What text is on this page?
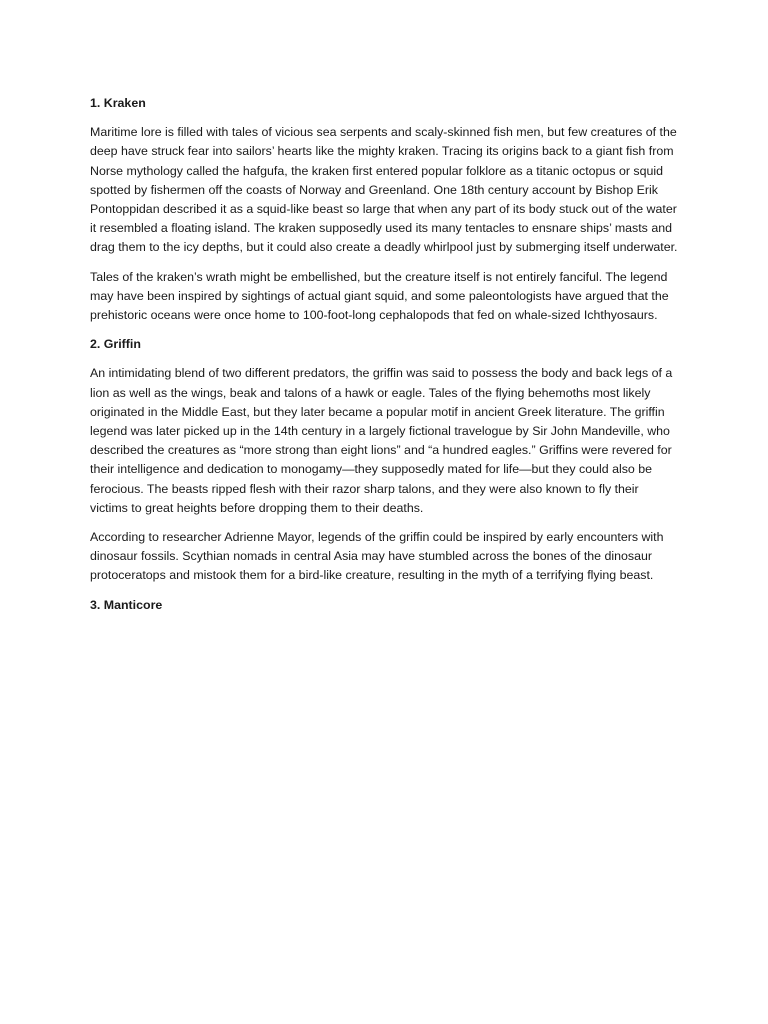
1. Kraken

Maritime lore is filled with tales of vicious sea serpents and scaly-skinned fish men, but few creatures of the deep have struck fear into sailors’ hearts like the mighty kraken. Tracing its origins back to a giant fish from Norse mythology called the hafgufa, the kraken first entered popular folklore as a titanic octopus or squid spotted by fishermen off the coasts of Norway and Greenland. One 18th century account by Bishop Erik Pontoppidan described it as a squid-like beast so large that when any part of its body stuck out of the water it resembled a floating island. The kraken supposedly used its many tentacles to ensnare ships’ masts and drag them to the icy depths, but it could also create a deadly whirlpool just by submerging itself underwater.

Tales of the kraken’s wrath might be embellished, but the creature itself is not entirely fanciful. The legend may have been inspired by sightings of actual giant squid, and some paleontologists have argued that the prehistoric oceans were once home to 100-foot-long cephalopods that fed on whale-sized Ichthyosaurs.

2. Griffin

An intimidating blend of two different predators, the griffin was said to possess the body and back legs of a lion as well as the wings, beak and talons of a hawk or eagle. Tales of the flying behemoths most likely originated in the Middle East, but they later became a popular motif in ancient Greek literature. The griffin legend was later picked up in the 14th century in a largely fictional travelogue by Sir John Mandeville, who described the creatures as “more strong than eight lions” and “a hundred eagles.” Griffins were revered for their intelligence and dedication to monogamy—they supposedly mated for life—but they could also be ferocious. The beasts ripped flesh with their razor sharp talons, and they were also known to fly their victims to great heights before dropping them to their deaths.

According to researcher Adrienne Mayor, legends of the griffin could be inspired by early encounters with dinosaur fossils. Scythian nomads in central Asia may have stumbled across the bones of the dinosaur protoceratops and mistook them for a bird-like creature, resulting in the myth of a terrifying flying beast.

3. Manticore
